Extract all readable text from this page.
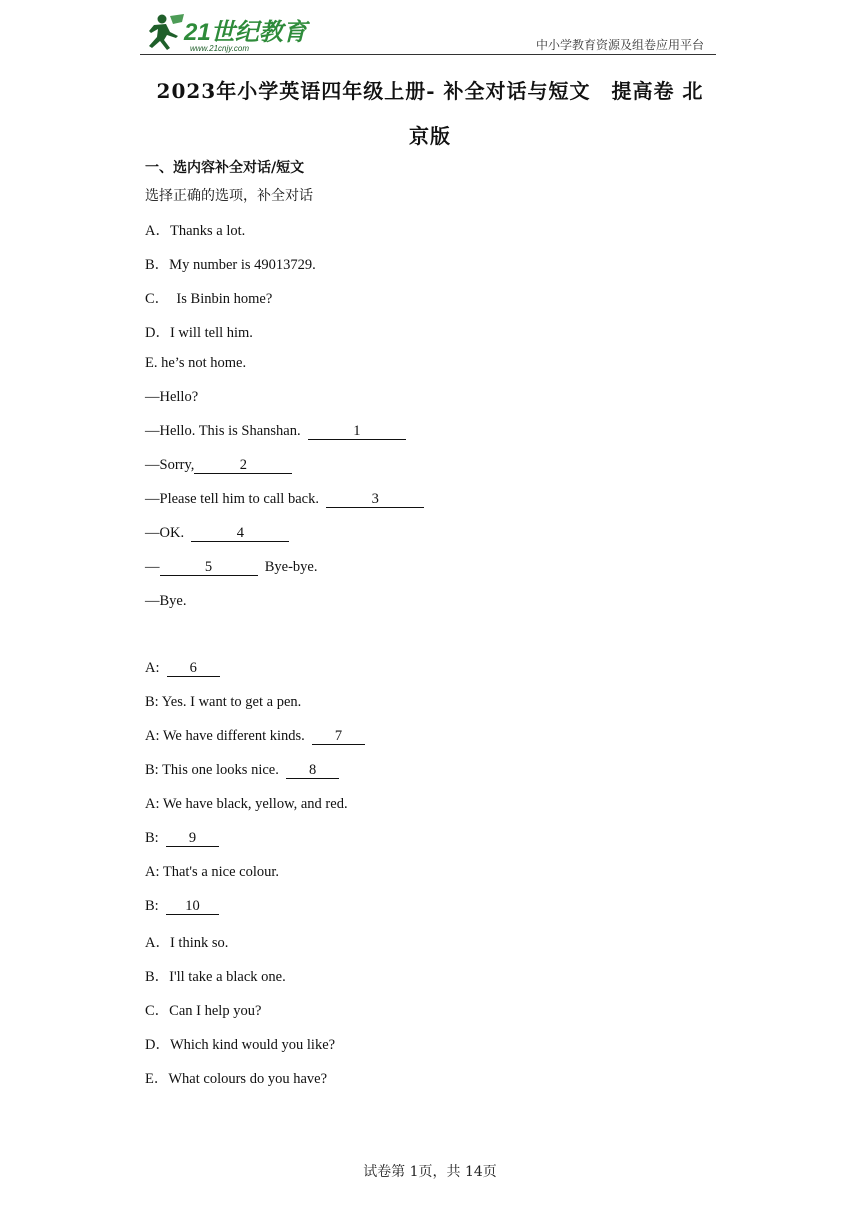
21世纪教育
www.21cnjy.com	中小学教育资源及组卷应用平台
2023年小学英语四年级上册- 补全对话与短文　提高卷 北
京版
一、选内容补全对话/短文
选择正确的选项，补全对话
A．Thanks a lot.
B．My number is 49013729.
C．　Is Binbin home?
D．I will tell him.
E. he’s not home.
—Hello?
—Hello. This is Shanshan.	1
—Sorry,	2
—Please tell him to call back.	3
—OK.	4
—	5	Bye-bye.
—Bye.
A:  6
B: Yes. I want to get a pen.
A: We have different kinds.  7
B: This one looks nice.  8
A: We have black, yellow, and red.
B:  9
A: That's a nice colour.
B:  10
A．I think so.
B．I'll take a black one.
C．Can I help you?
D．Which kind would you like?
E．What colours do you have?
试卷第 1页，共 14页
